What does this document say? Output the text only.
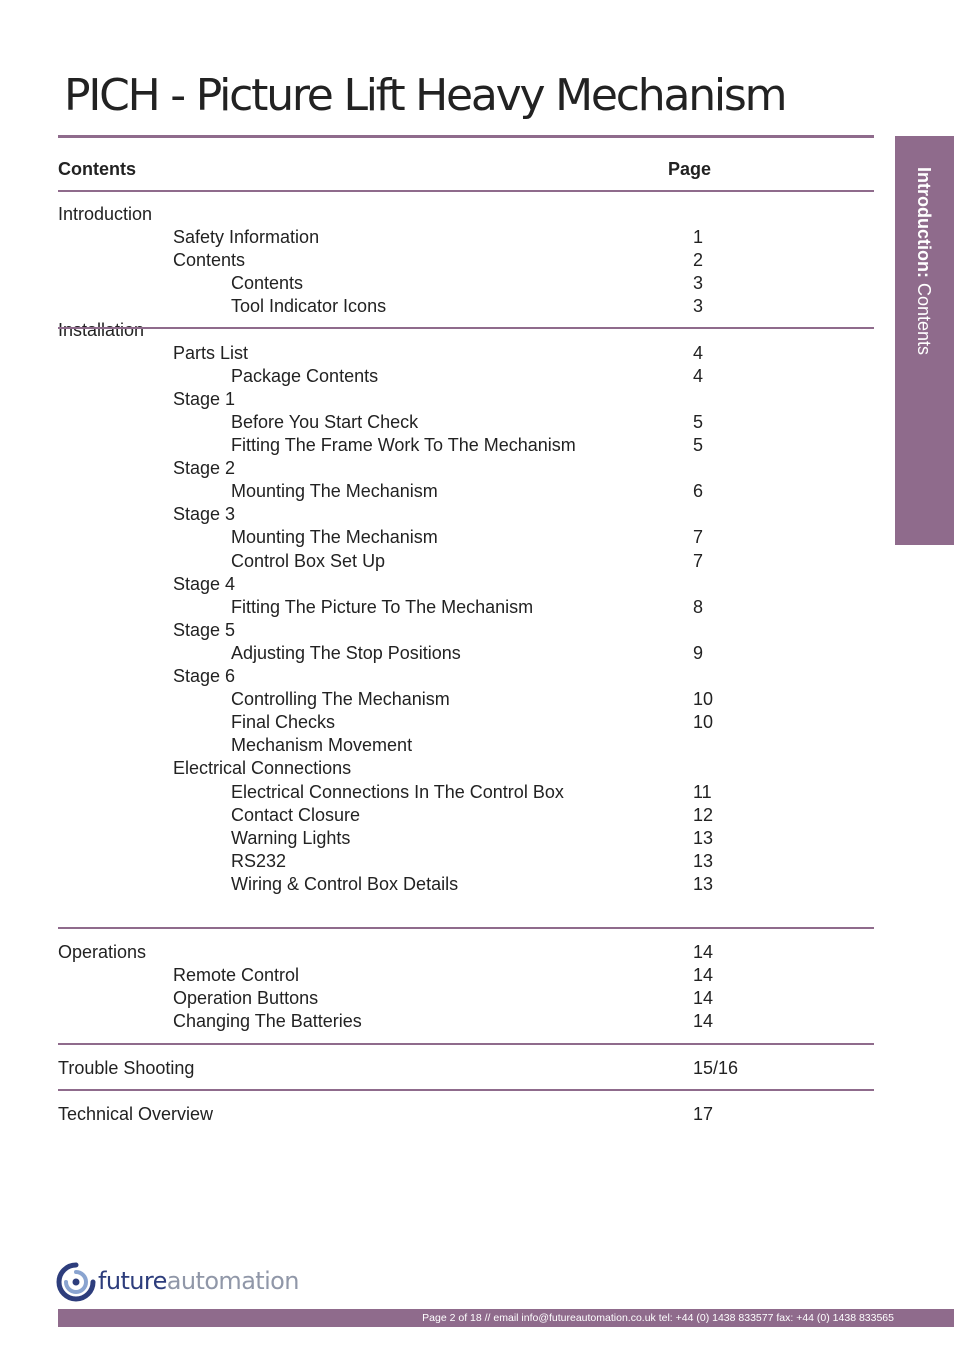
PICH - Picture Lift Heavy Mechanism
Contents	Page
Introduction
Safety Information	1
Contents	2
Contents	3
Tool Indicator Icons	3
Installation
Parts List	4
Package Contents	4
Stage 1
Before You Start Check	5
Fitting The Frame Work To The Mechanism	5
Stage 2
Mounting The Mechanism	6
Stage 3
Mounting The Mechanism	7
Control Box Set Up	7
Stage 4
Fitting The Picture To The Mechanism	8
Stage 5
Adjusting The Stop Positions	9
Stage 6
Controlling The Mechanism	10
Final Checks	10
Mechanism Movement
Electrical Connections
Electrical Connections In The Control Box	11
Contact Closure	12
Warning Lights	13
RS232	13
Wiring & Control Box Details	13
Operations	14
Remote Control	14
Operation Buttons	14
Changing The Batteries	14
Trouble Shooting	15/16
Technical Overview	17
Introduction: Contents
futureautomation
Page 2 of 18 // email info@futureautomation.co.uk tel: +44 (0) 1438 833577 fax: +44 (0) 1438 833565
